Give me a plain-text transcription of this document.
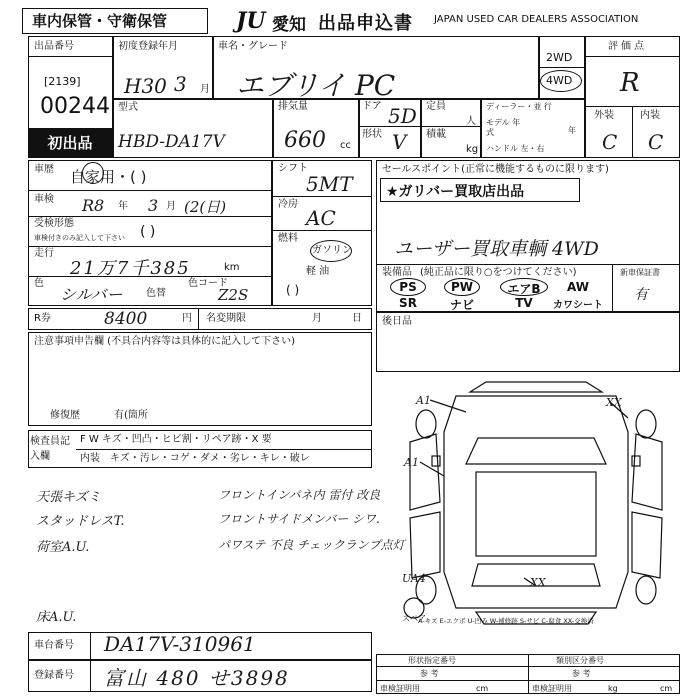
車内保管・守衛保管	JU 愛知 出品申込書 JAPAN USED CAR DEALERS ASSOCIATION
出品番号
[2139]
00244
初出品
初度登録年月
H30 3 月
型式
HBD-DA17V
車名・グレード
エブリイ PC
2WD
4WD
排気量
660 cc
ドア 5D
形状 V
定員
人
積載
kg
ディーラー・並 行
モデル 年式	年
ハンドル 左・右
評価点
R
外装	内装
C C
車歴 自家用・( )
車検 R8 年 3 月 (2(日)
受検形態
車検付きのみ記入して下さい ( )
走行
21万7千385	km
色
シルバー 色替
色コード
Z2S
シフト
5MT
冷房
AC
燃料
ガソリン
軽 油
( )
R券	8400	円 名変期限	月	日
セールスポイント(正常に機能するものに限ります)
★ガリバー買取店出品
ユーザー買取車輌 4WD
装備品 (純正品に限り○をつけてください)	新車保証書
有
PS	PW	エアB	AW
SR	ナビ	TV	カワシート
後日品
注意事項申告欄 (不具合内容等は具体的に記入して下さい)
修復歴	有(箇所
検査員記入欄
F W キズ・凹凸・ヒビ割・リペア跡・X 要
内装 キズ・汚レ・コゲ・ダメ・劣レ・キレ・破レ
天張キズミ
スタッドレスT.
荷室A.U.
床A.U.
フロントインパネ内 雷付 改良
フロントサイドメンバー シワ.
パワステ 不良 チェックランプ点灯
A1
A1
XX
XX
UA4
スペア
A-キズ E-エクボ U-凹み W-補修跡 S-サビ C-腐食 XX-交換済
車台番号 DA17V-310961
登録番号 富山 480 せ3898
形状指定番号	類別区分番号
参 考	参 考
車検証明用	cm	車検証明用	kg	cm
